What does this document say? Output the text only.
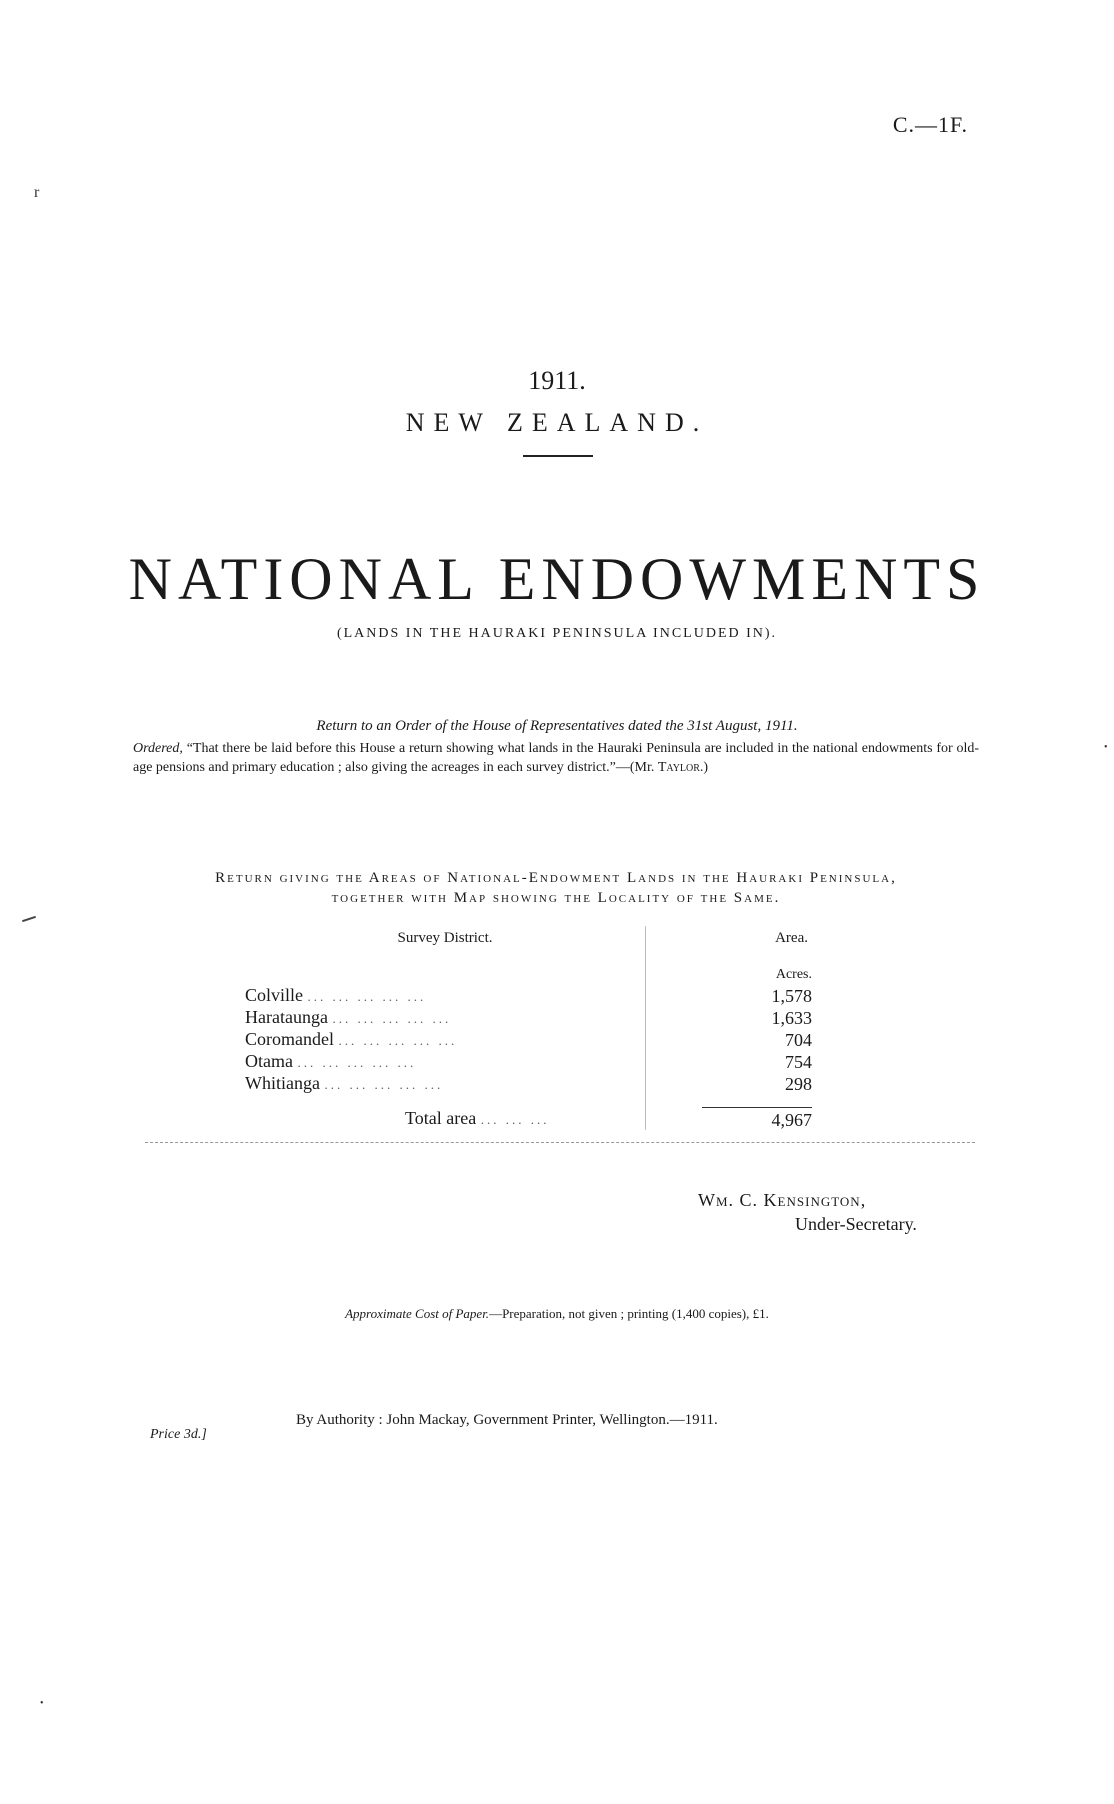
C.—1F.
r
1911.
NEW ZEALAND.
NATIONAL ENDOWMENTS
(LANDS IN THE HAURAKI PENINSULA INCLUDED IN).
Return to an Order of the House of Representatives dated the 31st August, 1911.
Ordered, “That there be laid before this House a return showing what lands in the Hauraki Peninsula are included in the national endowments for old-age pensions and primary education ; also giving the acreages in each survey district.”—(Mr. Taylor.)
•
Return giving the Areas of National-Endowment Lands in the Hauraki Peninsula,
together with Map showing the Locality of the Same.
Survey District.	Area.
	Acres.
Colville ... ... ... ... ...	1,578
Harataunga ... ... ... ... ...	1,633
Coromandel ... ... ... ... ...	704
Otama ... ... ... ... ...	754
Whitianga ... ... ... ... ...	298
Total area ... ... ...	4,967
Wm. C. Kensington,
Under-Secretary.
Approximate Cost of Paper.—Preparation, not given ; printing (1,400 copies), £1.
By Authority : John Mackay, Government Printer, Wellington.—1911.
Price 3d.]
•
